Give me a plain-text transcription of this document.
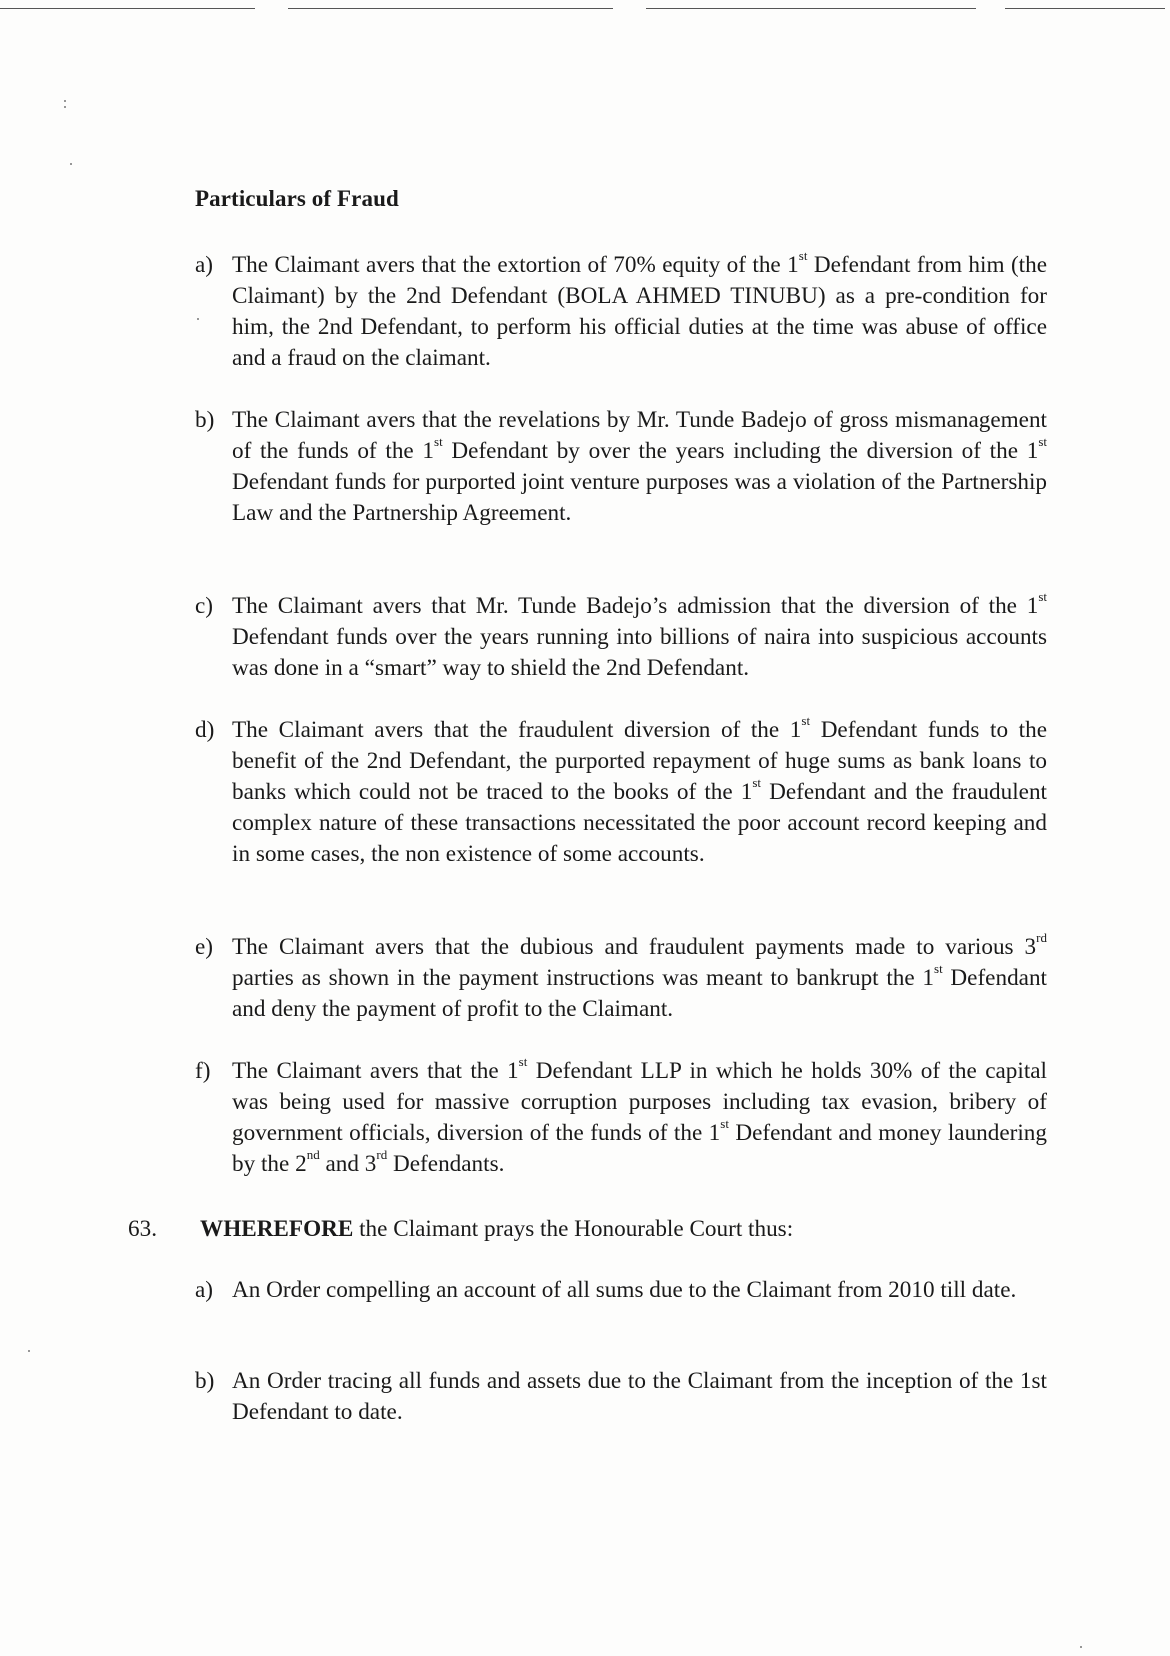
Particulars of Fraud
a) The Claimant avers that the extortion of 70% equity of the 1st Defendant from him (the Claimant) by the 2nd Defendant (BOLA AHMED TINUBU) as a pre-condition for him, the 2nd Defendant, to perform his official duties at the time was abuse of office and a fraud on the claimant.
b) The Claimant avers that the revelations by Mr. Tunde Badejo of gross mismanagement of the funds of the 1st Defendant by over the years including the diversion of the 1st Defendant funds for purported joint venture purposes was a violation of the Partnership Law and the Partnership Agreement.
c) The Claimant avers that Mr. Tunde Badejo’s admission that the diversion of the 1st Defendant funds over the years running into billions of naira into suspicious accounts was done in a “smart” way to shield the 2nd Defendant.
d) The Claimant avers that the fraudulent diversion of the 1st Defendant funds to the benefit of the 2nd Defendant, the purported repayment of huge sums as bank loans to banks which could not be traced to the books of the 1st Defendant and the fraudulent complex nature of these transactions necessitated the poor account record keeping and in some cases, the non existence of some accounts.
e) The Claimant avers that the dubious and fraudulent payments made to various 3rd parties as shown in the payment instructions was meant to bankrupt the 1st Defendant and deny the payment of profit to the Claimant.
f) The Claimant avers that the 1st Defendant LLP in which he holds 30% of the capital was being used for massive corruption purposes including tax evasion, bribery of government officials, diversion of the funds of the 1st Defendant and money laundering by the 2nd and 3rd Defendants.
63. WHEREFORE the Claimant prays the Honourable Court thus:
a) An Order compelling an account of all sums due to the Claimant from 2010 till date.
b) An Order tracing all funds and assets due to the Claimant from the inception of the 1st Defendant to date.
